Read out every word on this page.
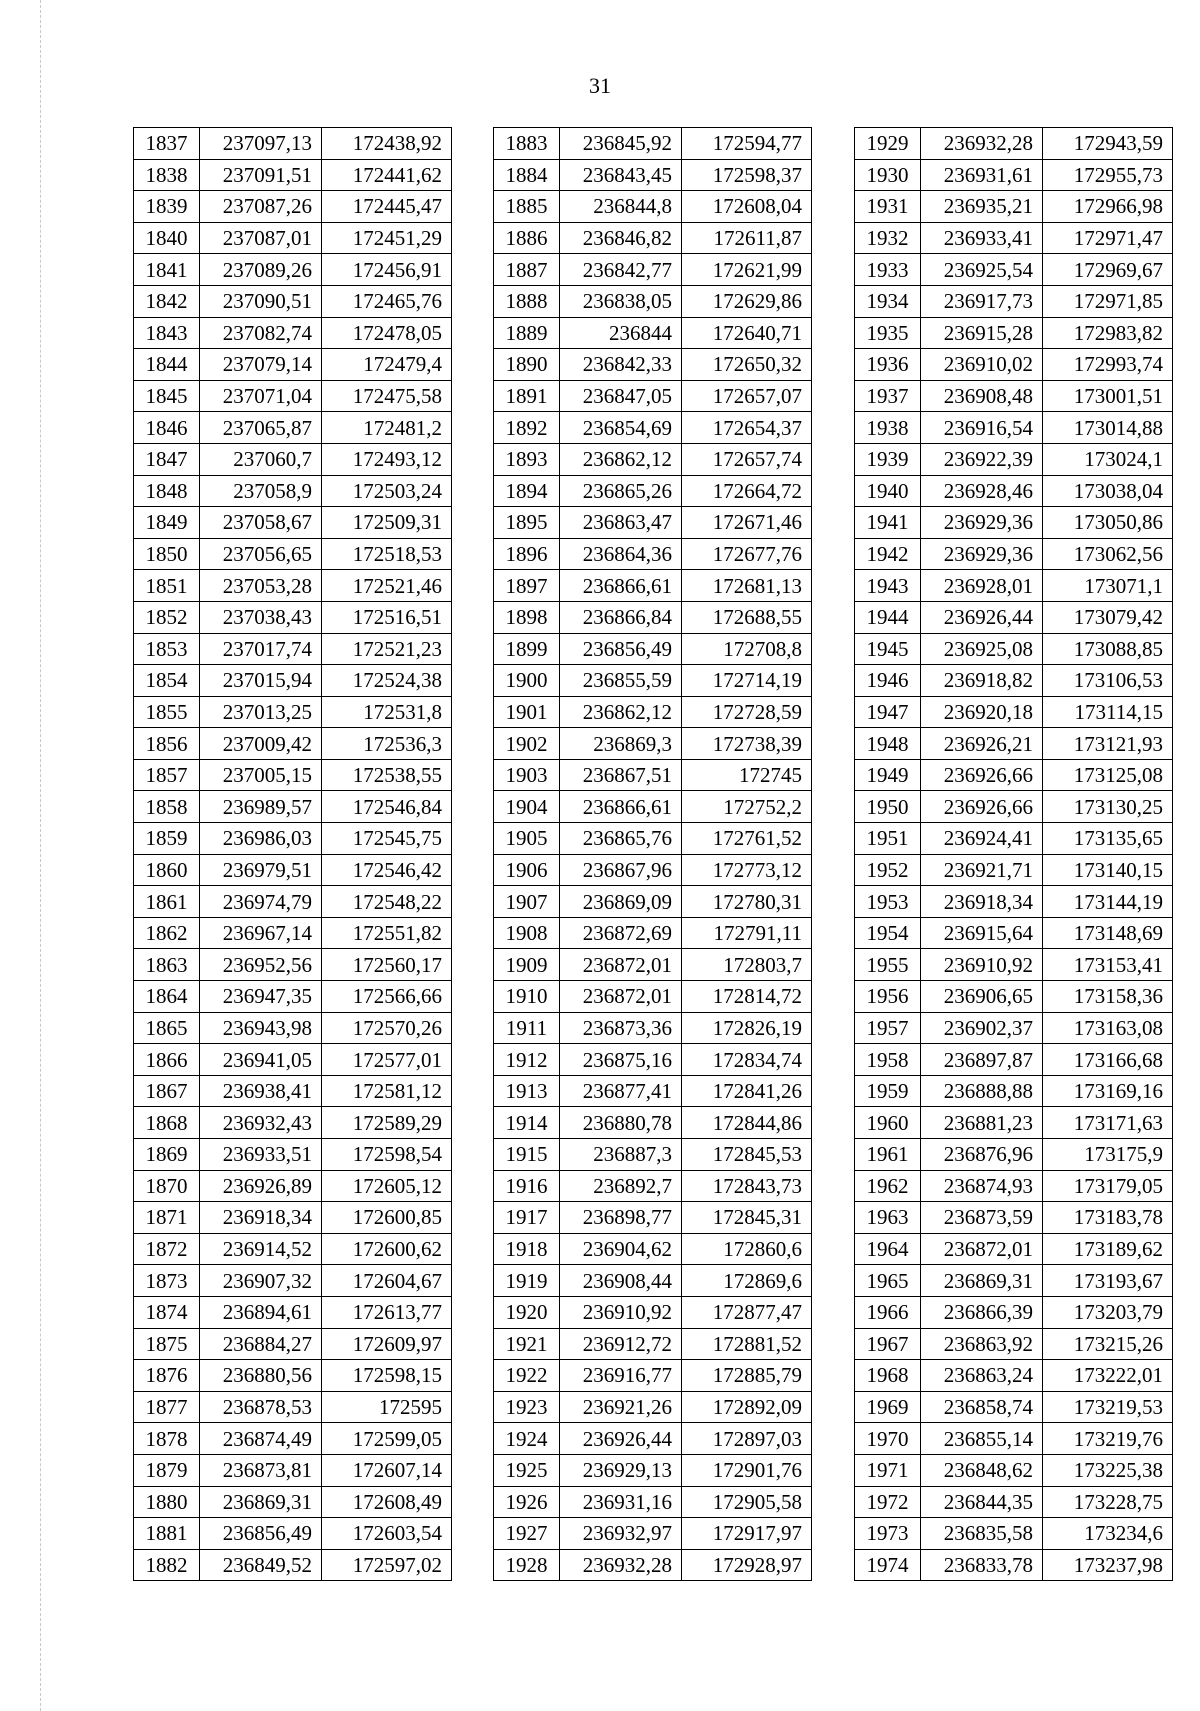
31
1837	237097,13	172438,92
1838	237091,51	172441,62
1839	237087,26	172445,47
1840	237087,01	172451,29
1841	237089,26	172456,91
1842	237090,51	172465,76
1843	237082,74	172478,05
1844	237079,14	172479,4
1845	237071,04	172475,58
1846	237065,87	172481,2
1847	237060,7	172493,12
1848	237058,9	172503,24
1849	237058,67	172509,31
1850	237056,65	172518,53
1851	237053,28	172521,46
1852	237038,43	172516,51
1853	237017,74	172521,23
1854	237015,94	172524,38
1855	237013,25	172531,8
1856	237009,42	172536,3
1857	237005,15	172538,55
1858	236989,57	172546,84
1859	236986,03	172545,75
1860	236979,51	172546,42
1861	236974,79	172548,22
1862	236967,14	172551,82
1863	236952,56	172560,17
1864	236947,35	172566,66
1865	236943,98	172570,26
1866	236941,05	172577,01
1867	236938,41	172581,12
1868	236932,43	172589,29
1869	236933,51	172598,54
1870	236926,89	172605,12
1871	236918,34	172600,85
1872	236914,52	172600,62
1873	236907,32	172604,67
1874	236894,61	172613,77
1875	236884,27	172609,97
1876	236880,56	172598,15
1877	236878,53	172595
1878	236874,49	172599,05
1879	236873,81	172607,14
1880	236869,31	172608,49
1881	236856,49	172603,54
1882	236849,52	172597,02
1883	236845,92	172594,77
1884	236843,45	172598,37
1885	236844,8	172608,04
1886	236846,82	172611,87
1887	236842,77	172621,99
1888	236838,05	172629,86
1889	236844	172640,71
1890	236842,33	172650,32
1891	236847,05	172657,07
1892	236854,69	172654,37
1893	236862,12	172657,74
1894	236865,26	172664,72
1895	236863,47	172671,46
1896	236864,36	172677,76
1897	236866,61	172681,13
1898	236866,84	172688,55
1899	236856,49	172708,8
1900	236855,59	172714,19
1901	236862,12	172728,59
1902	236869,3	172738,39
1903	236867,51	172745
1904	236866,61	172752,2
1905	236865,76	172761,52
1906	236867,96	172773,12
1907	236869,09	172780,31
1908	236872,69	172791,11
1909	236872,01	172803,7
1910	236872,01	172814,72
1911	236873,36	172826,19
1912	236875,16	172834,74
1913	236877,41	172841,26
1914	236880,78	172844,86
1915	236887,3	172845,53
1916	236892,7	172843,73
1917	236898,77	172845,31
1918	236904,62	172860,6
1919	236908,44	172869,6
1920	236910,92	172877,47
1921	236912,72	172881,52
1922	236916,77	172885,79
1923	236921,26	172892,09
1924	236926,44	172897,03
1925	236929,13	172901,76
1926	236931,16	172905,58
1927	236932,97	172917,97
1928	236932,28	172928,97
1929	236932,28	172943,59
1930	236931,61	172955,73
1931	236935,21	172966,98
1932	236933,41	172971,47
1933	236925,54	172969,67
1934	236917,73	172971,85
1935	236915,28	172983,82
1936	236910,02	172993,74
1937	236908,48	173001,51
1938	236916,54	173014,88
1939	236922,39	173024,1
1940	236928,46	173038,04
1941	236929,36	173050,86
1942	236929,36	173062,56
1943	236928,01	173071,1
1944	236926,44	173079,42
1945	236925,08	173088,85
1946	236918,82	173106,53
1947	236920,18	173114,15
1948	236926,21	173121,93
1949	236926,66	173125,08
1950	236926,66	173130,25
1951	236924,41	173135,65
1952	236921,71	173140,15
1953	236918,34	173144,19
1954	236915,64	173148,69
1955	236910,92	173153,41
1956	236906,65	173158,36
1957	236902,37	173163,08
1958	236897,87	173166,68
1959	236888,88	173169,16
1960	236881,23	173171,63
1961	236876,96	173175,9
1962	236874,93	173179,05
1963	236873,59	173183,78
1964	236872,01	173189,62
1965	236869,31	173193,67
1966	236866,39	173203,79
1967	236863,92	173215,26
1968	236863,24	173222,01
1969	236858,74	173219,53
1970	236855,14	173219,76
1971	236848,62	173225,38
1972	236844,35	173228,75
1973	236835,58	173234,6
1974	236833,78	173237,98
